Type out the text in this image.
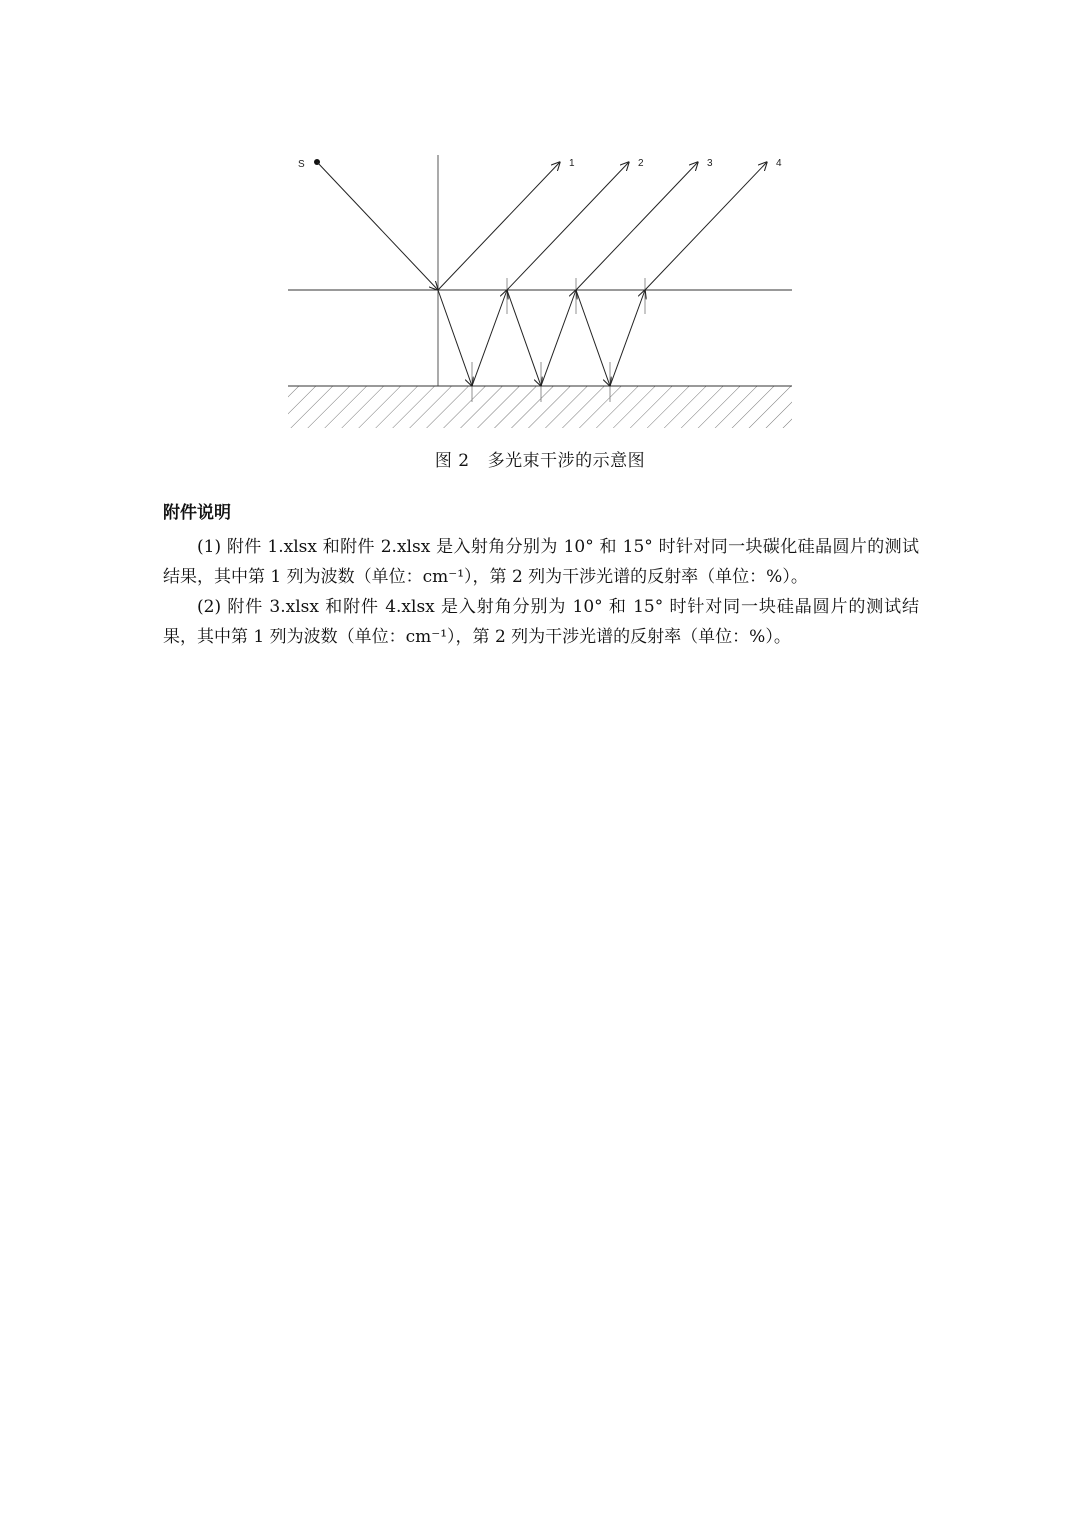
S	1	2	3	4
图 2 多光束干涉的示意图
附件说明

(1) 附件 1.xlsx 和附件 2.xlsx 是入射角分别为 10° 和 15° 时针对同一块碳化硅晶圆片的测试结果，其中第 1 列为波数（单位：cm⁻¹），第 2 列为干涉光谱的反射率（单位：%）。

(2) 附件 3.xlsx 和附件 4.xlsx 是入射角分别为 10° 和 15° 时针对同一块硅晶圆片的测试结果，其中第 1 列为波数（单位：cm⁻¹），第 2 列为干涉光谱的反射率（单位：%）。
